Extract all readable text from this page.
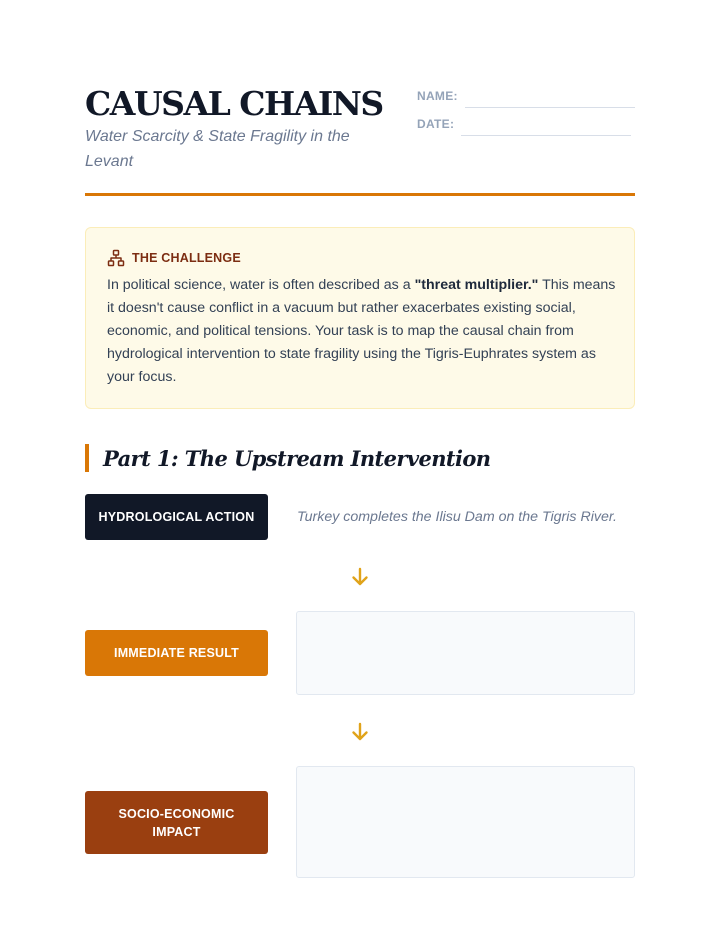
CAUSAL CHAINS
Water Scarcity & State Fragility in the Levant
NAME:
DATE:
THE CHALLENGE

In political science, water is often described as a "threat multiplier." This means it doesn't cause conflict in a vacuum but rather exacerbates existing social, economic, and political tensions. Your task is to map the causal chain from hydrological intervention to state fragility using the Tigris-Euphrates system as your focus.

Part 1: The Upstream Intervention
HYDROLOGICAL ACTION	Turkey completes the Ilisu Dam on the Tigris River.
IMMEDIATE RESULT
SOCIO-ECONOMIC IMPACT
